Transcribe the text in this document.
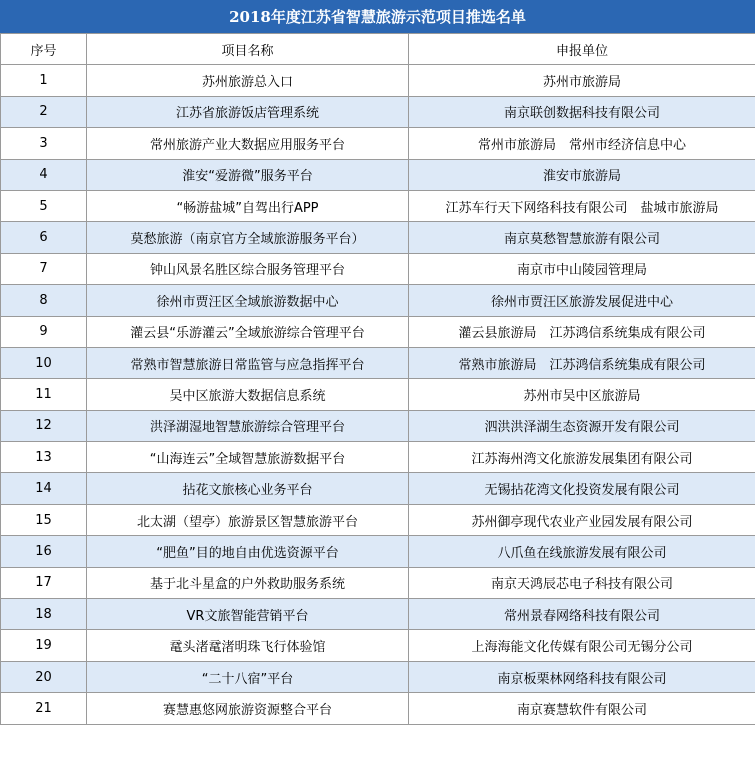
2018年度江苏省智慧旅游示范项目推选名单
序号	项目名称	申报单位
1	苏州旅游总入口	苏州市旅游局
2	江苏省旅游饭店管理系统	南京联创数据科技有限公司
3	常州旅游产业大数据应用服务平台	常州市旅游局　常州市经济信息中心
4	淮安“爱游微”服务平台	淮安市旅游局
5	“畅游盐城”自驾出行APP	江苏车行天下网络科技有限公司　盐城市旅游局
6	莫愁旅游（南京官方全域旅游服务平台）	南京莫愁智慧旅游有限公司
7	钟山风景名胜区综合服务管理平台	南京市中山陵园管理局
8	徐州市贾汪区全域旅游数据中心	徐州市贾汪区旅游发展促进中心
9	灌云县“乐游灌云”全域旅游综合管理平台	灌云县旅游局　江苏鸿信系统集成有限公司
10	常熟市智慧旅游日常监管与应急指挥平台	常熟市旅游局　江苏鸿信系统集成有限公司
11	吴中区旅游大数据信息系统	苏州市吴中区旅游局
12	洪泽湖湿地智慧旅游综合管理平台	泗洪洪泽湖生态资源开发有限公司
13	“山海连云”全域智慧旅游数据平台	江苏海州湾文化旅游发展集团有限公司
14	拈花文旅核心业务平台	无锡拈花湾文化投资发展有限公司
15	北太湖（望亭）旅游景区智慧旅游平台	苏州御亭现代农业产业园发展有限公司
16	“肥鱼”目的地自由优选资源平台	八爪鱼在线旅游发展有限公司
17	基于北斗星盒的户外救助服务系统	南京天鸿辰芯电子科技有限公司
18	VR文旅智能营销平台	常州景春网络科技有限公司
19	鼋头渚鼋渚明珠飞行体验馆	上海海能文化传媒有限公司无锡分公司
20	“二十八宿”平台	南京板栗林网络科技有限公司
21	赛慧惠悠网旅游资源整合平台	南京赛慧软件有限公司
